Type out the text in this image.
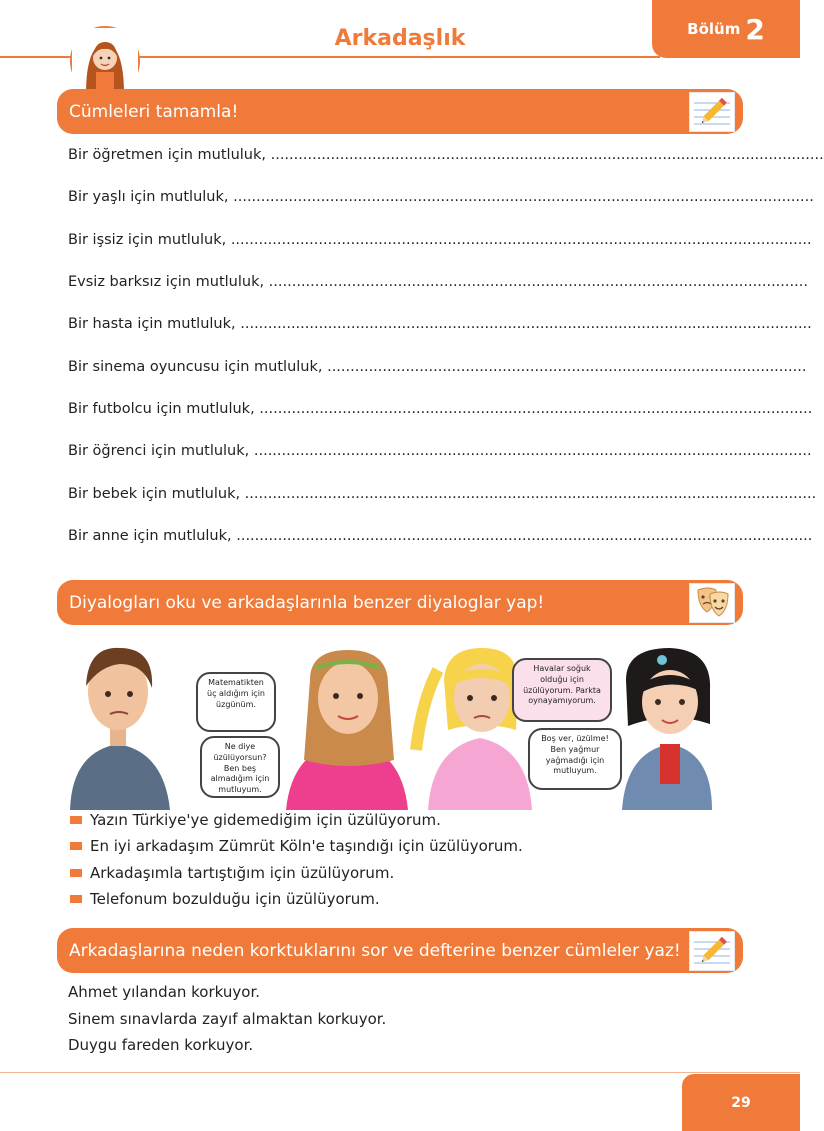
Arkadaşlık	Bölüm 2
Cümleleri tamamla!
Bir öğretmen için mutluluk, ........................................................................................................................
Bir yaşlı için mutluluk, ..............................................................................................................................
Bir işsiz için mutluluk, ..............................................................................................................................
Evsiz barksız için mutluluk, .....................................................................................................................
Bir hasta için mutluluk, ............................................................................................................................
Bir sinema oyuncusu için mutluluk, ........................................................................................................
Bir futbolcu için mutluluk, ........................................................................................................................
Bir öğrenci için mutluluk, .........................................................................................................................
Bir bebek için mutluluk, ............................................................................................................................
Bir anne için mutluluk, .............................................................................................................................
Diyalogları oku ve arkadaşlarınla benzer diyaloglar yap!
Matematikten üç aldığım için üzgünüm.
Ne diye üzülüyorsun? Ben beş almadığım için mutluyum.
Havalar soğuk olduğu için üzülüyorum. Parkta oynayamıyorum.
Boş ver, üzülme! Ben yağmur yağmadığı için mutluyum.
Yazın Türkiye'ye gidemediğim için üzülüyorum.
En iyi arkadaşım Zümrüt Köln'e taşındığı için üzülüyorum.
Arkadaşımla tartıştığım için üzülüyorum.
Telefonum bozulduğu için üzülüyorum.
Arkadaşlarına neden korktuklarını sor ve defterine benzer cümleler yaz!
Ahmet yılandan korkuyor.
Sinem sınavlarda zayıf almaktan korkuyor.
Duygu fareden korkuyor.
29
